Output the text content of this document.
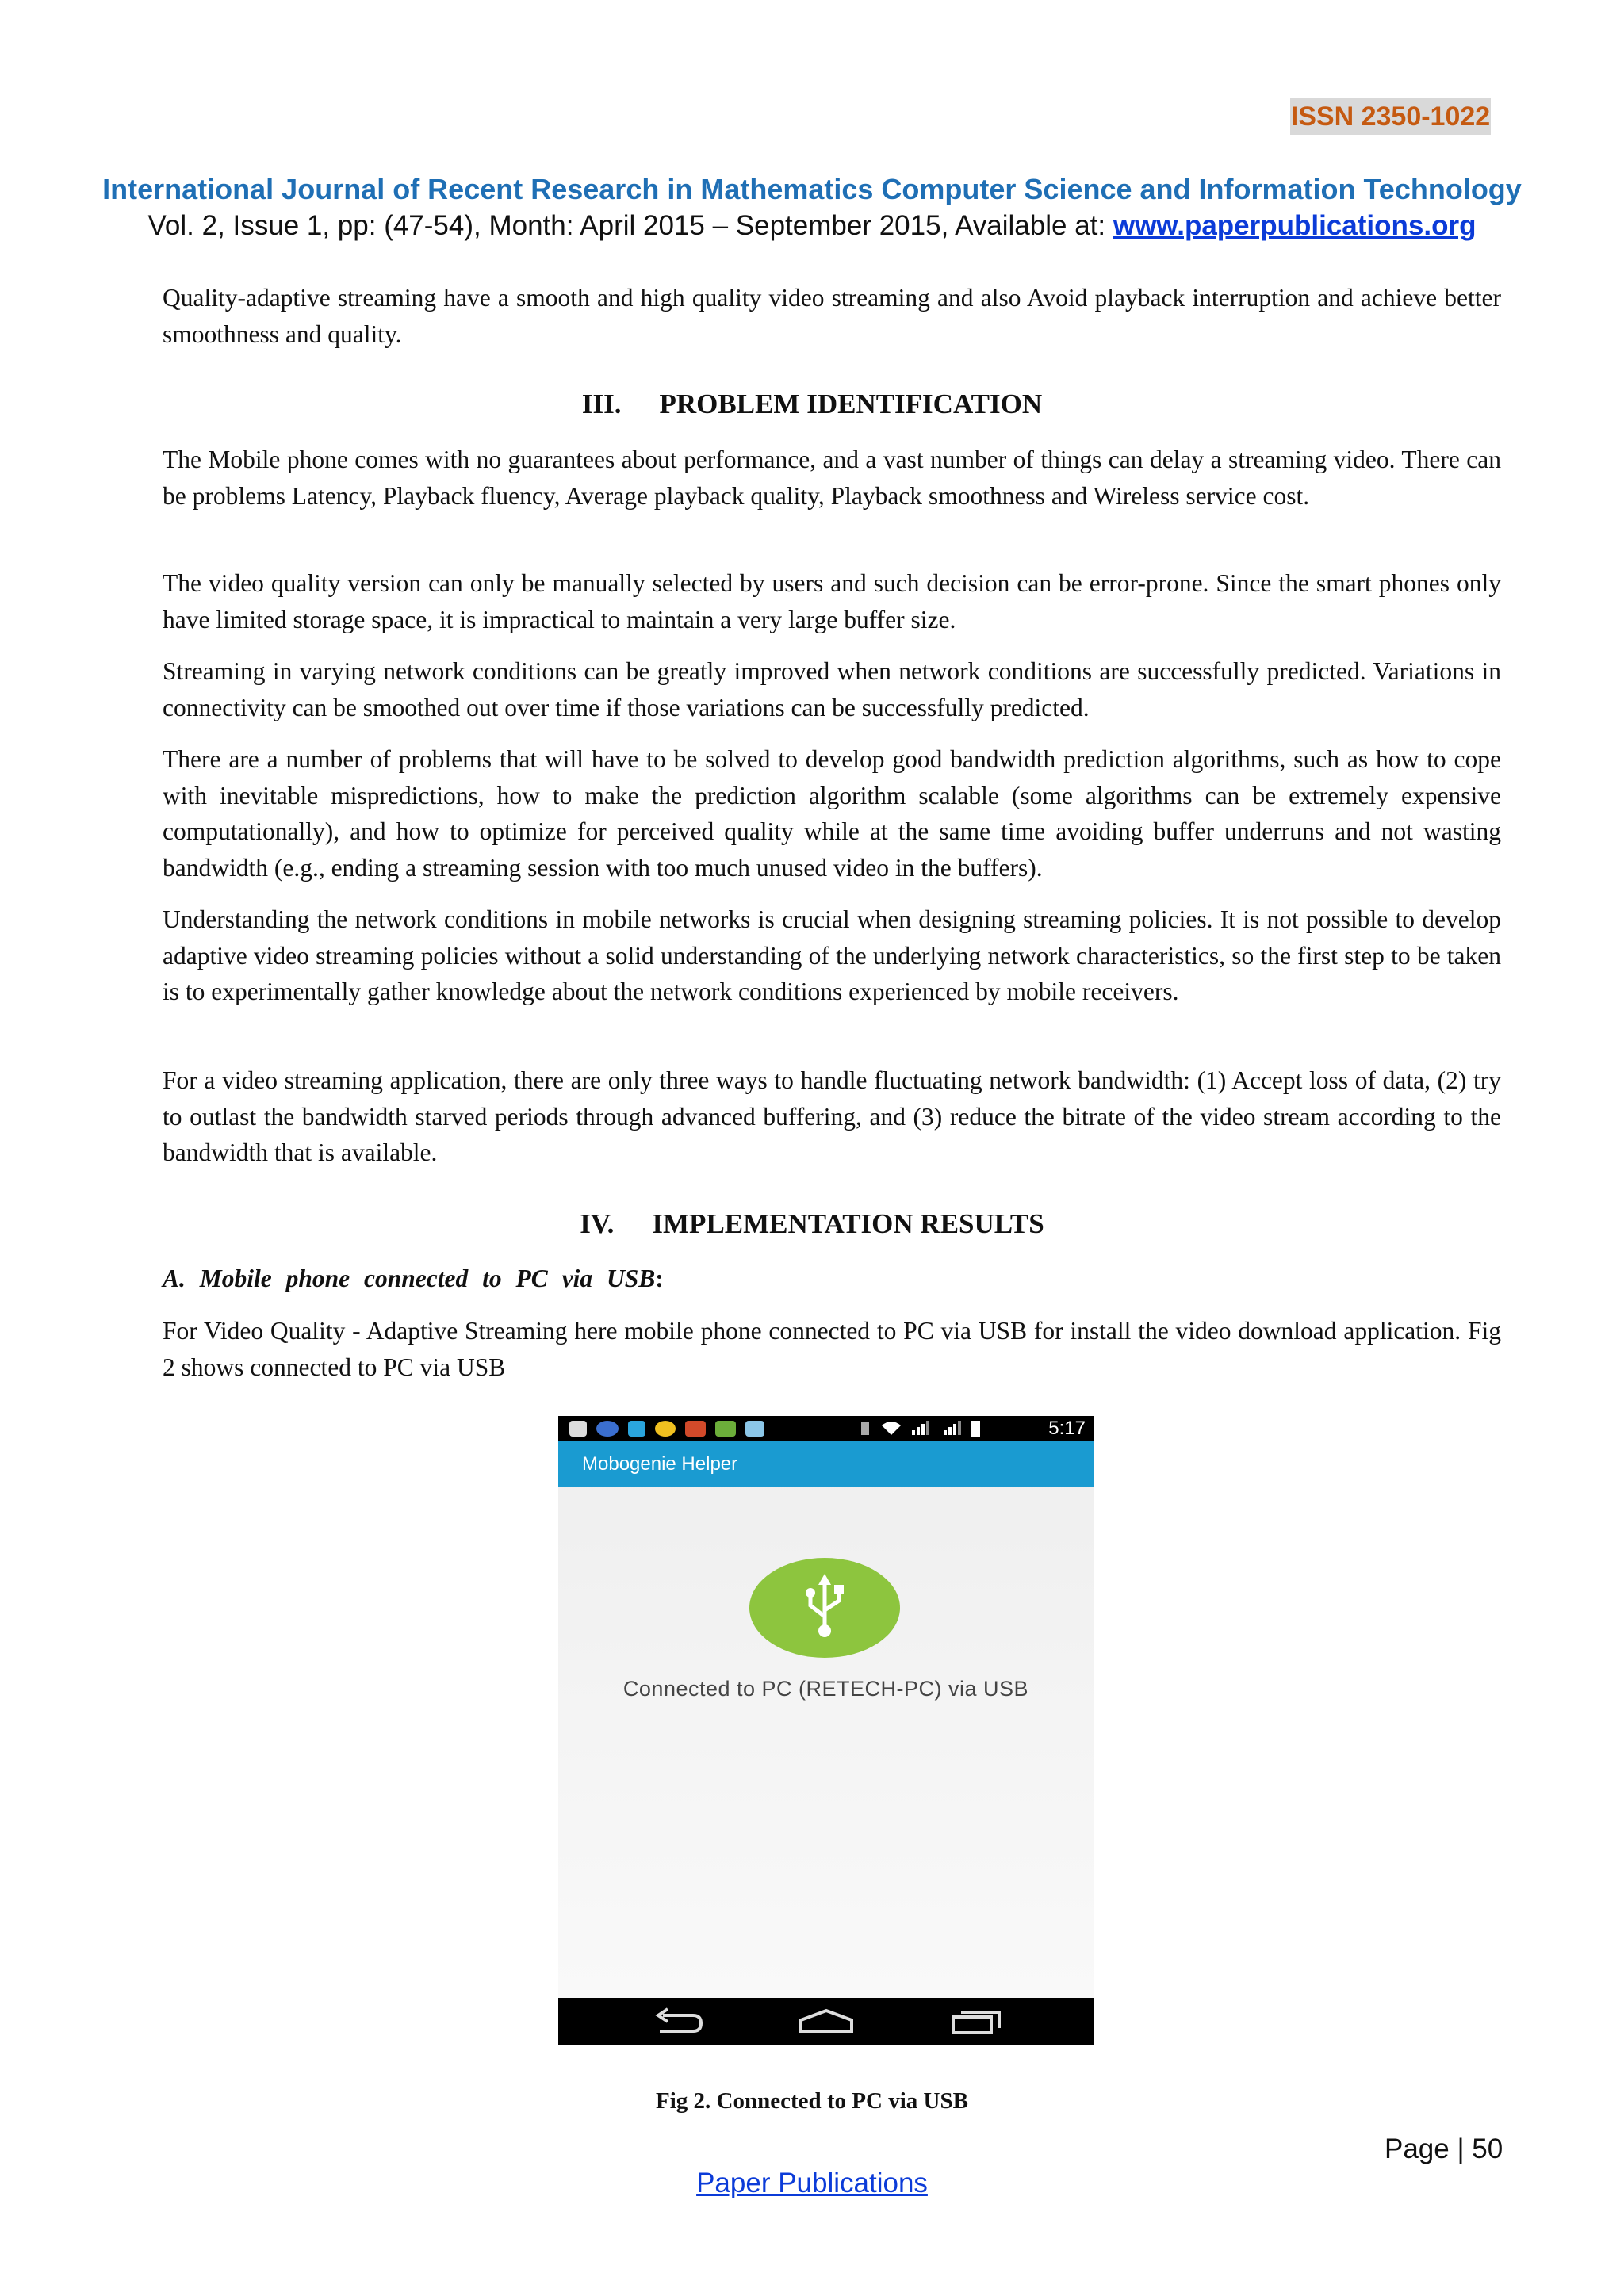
ISSN 2350-1022
International Journal of Recent Research in Mathematics Computer Science and Information Technology
Vol. 2, Issue 1, pp: (47-54), Month: April 2015 – September 2015, Available at: www.paperpublications.org
Quality-adaptive streaming have a smooth and high quality video streaming and also Avoid playback interruption and achieve better smoothness and quality.
III. PROBLEM IDENTIFICATION
The Mobile phone comes with no guarantees about performance, and a vast number of things can delay a streaming video. There can be problems Latency, Playback fluency, Average playback quality, Playback smoothness and Wireless service cost.
The video quality version can only be manually selected by users and such decision can be error-prone. Since the smart phones only have limited storage space, it is impractical to maintain a very large buffer size.
Streaming in varying network conditions can be greatly improved when network conditions are successfully predicted. Variations in connectivity can be smoothed out over time if those variations can be successfully predicted.
There are a number of problems that will have to be solved to develop good bandwidth prediction algorithms, such as how to cope with inevitable mispredictions, how to make the prediction algorithm scalable (some algorithms can be extremely expensive computationally), and how to optimize for perceived quality while at the same time avoiding buffer underruns and not wasting bandwidth (e.g., ending a streaming session with too much unused video in the buffers).
Understanding the network conditions in mobile networks is crucial when designing streaming policies. It is not possible to develop adaptive video streaming policies without a solid understanding of the underlying network characteristics, so the first step to be taken is to experimentally gather knowledge about the network conditions experienced by mobile receivers.
For a video streaming application, there are only three ways to handle fluctuating network bandwidth: (1) Accept loss of data, (2) try to outlast the bandwidth starved periods through advanced buffering, and (3) reduce the bitrate of the video stream according to the bandwidth that is available.
IV. IMPLEMENTATION RESULTS
A. Mobile phone connected to PC via USB:
For Video Quality - Adaptive Streaming here mobile phone connected to PC via USB for install the video download application. Fig 2 shows connected to PC via USB
5:17
Mobogenie Helper
Connected to PC (RETECH-PC) via USB
Fig 2. Connected to PC via USB
Page | 50
Paper Publications
